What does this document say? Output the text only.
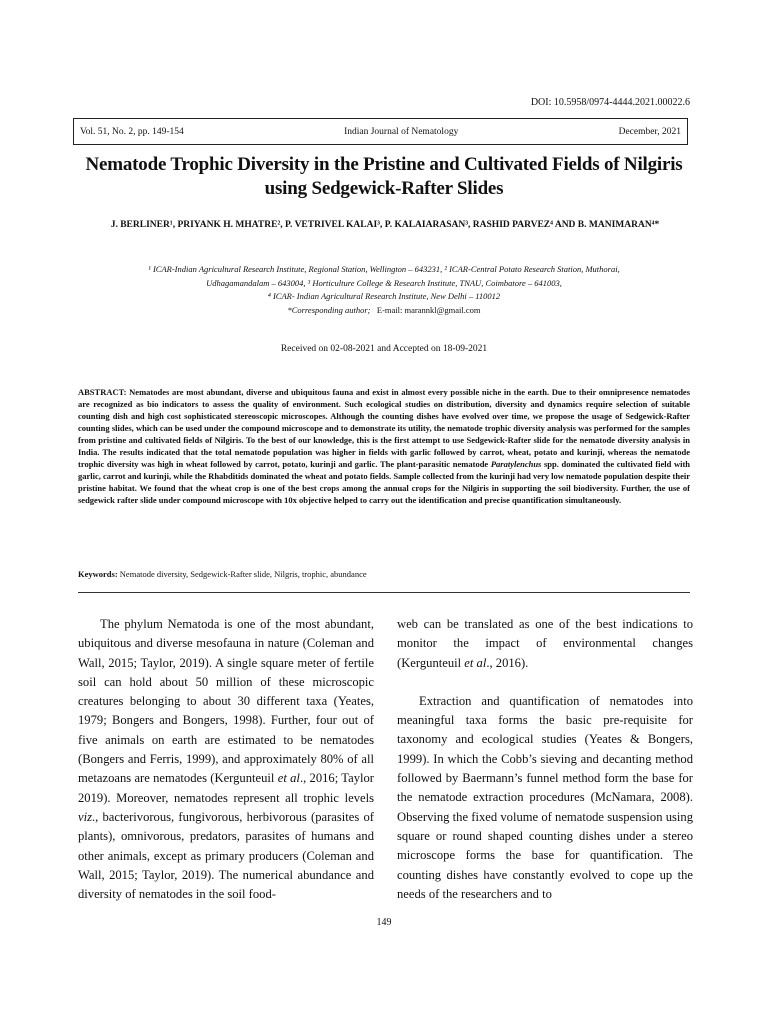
DOI: 10.5958/0974-4444.2021.00022.6
Vol. 51, No. 2, pp. 149-154	Indian Journal of Nematology	December, 2021
Nematode Trophic Diversity in the Pristine and Cultivated Fields of Nilgiris using Sedgewick-Rafter Slides
J. BERLINER¹, PRIYANK H. MHATRE², P. VETRIVEL KALAI³, P. KALAIARASAN³, RASHID PARVEZ⁴ AND B. MANIMARAN⁴*
¹ ICAR-Indian Agricultural Research Institute, Regional Station, Wellington – 643231, ² ICAR-Central Potato Research Station, Muthorai,
Udhagamandalam – 643004, ³ Horticulture College & Research Institute, TNAU, Coimbatore – 641003,
⁴ ICAR- Indian Agricultural Research Institute, New Delhi – 110012
*Corresponding author; E-mail: marannkl@gmail.com
Received on 02-08-2021 and Accepted on 18-09-2021
ABSTRACT: Nematodes are most abundant, diverse and ubiquitous fauna and exist in almost every possible niche in the earth. Due to their omnipresence nematodes are recognized as bio indicators to assess the quality of environment. Such ecological studies on distribution, diversity and dynamics require selection of suitable counting dish and high cost sophisticated stereoscopic microscopes. Although the counting dishes have evolved over time, we propose the usage of Sedgewick-Rafter counting slides, which can be used under the compound microscope and to demonstrate its utility, the nematode trophic diversity analysis was performed for the samples from pristine and cultivated fields of Nilgiris. To the best of our knowledge, this is the first attempt to use Sedgewick-Rafter slide for the nematode diversity analysis in India. The results indicated that the total nematode population was higher in fields with garlic followed by carrot, wheat, potato and kurinji, whereas the nematode trophic diversity was high in wheat followed by carrot, potato, kurinji and garlic. The plant-parasitic nematode Paratylenchus spp. dominated the cultivated field with garlic, carrot and kurinji, while the Rhabditids dominated the wheat and potato fields. Sample collected from the kurinji had very low nematode population despite their pristine habitat. We found that the wheat crop is one of the best crops among the annual crops for the Nilgiris in supporting the soil biodiversity. Further, the use of sedgewick rafter slide under compound microscope with 10x objective helped to carry out the identification and precise quantification simultaneously.
Keywords: Nematode diversity, Sedgewick-Rafter slide, Nilgris, trophic, abundance

The phylum Nematoda is one of the most abundant, ubiquitous and diverse mesofauna in nature (Coleman and Wall, 2015; Taylor, 2019). A single square meter of fertile soil can hold about 50 million of these microscopic creatures belonging to about 30 different taxa (Yeates, 1979; Bongers and Bongers, 1998). Further, four out of five animals on earth are estimated to be nematodes (Bongers and Ferris, 1999), and approximately 80% of all metazoans are nematodes (Kergunteuil et al., 2016; Taylor 2019). Moreover, nematodes represent all trophic levels viz., bacterivorous, fungivorous, herbivorous (parasites of plants), omnivorous, predators, parasites of humans and other animals, except as primary producers (Coleman and Wall, 2015; Taylor, 2019). The numerical abundance and diversity of nematodes in the soil food-

web can be translated as one of the best indications to monitor the impact of environmental changes (Kergunteuil et al., 2016).

Extraction and quantification of nematodes into meaningful taxa forms the basic pre-requisite for taxonomy and ecological studies (Yeates & Bongers, 1999). In which the Cobb’s sieving and decanting method followed by Baermann’s funnel method form the base for the nematode extraction procedures (McNamara, 2008). Observing the fixed volume of nematode suspension using square or round shaped counting dishes under a stereo microscope forms the base for quantification. The counting dishes have constantly evolved to cope up the needs of the researchers and to

149
